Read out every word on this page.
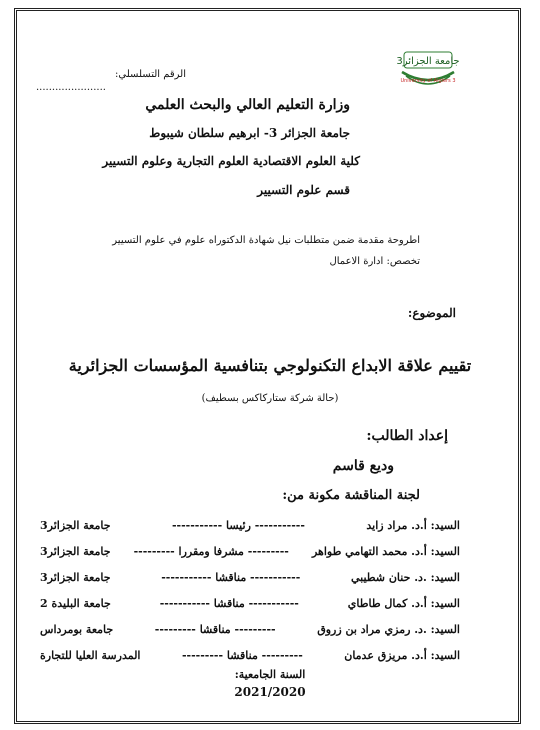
جامعة الجزائر3
University of Algiers 3
الرقم التسلسلي:
......................
وزارة التعليم العالي والبحث العلمي
جامعة الجزائر 3- ابرهيم سلطان شيبوط
كلية العلوم الاقتصادية العلوم التجارية وعلوم التسيير
قسم علوم التسيير
اطروحة مقدمة ضمن متطلبات نيل شهادة الدكتوراه علوم في علوم التسيير
تخصص: ادارة الاعمال
الموضوع:
تقييم علاقة الابداع التكنولوجي بتنافسية المؤسسات الجزائرية
(حالة شركة ستاركاكس بسطيف)
إعداد الطالب:
وديع قاسم
لجنة المناقشة مكونة من:
السيد: أ.د. مراد زايد
----------- رئيسا -----------
جامعة الجزائر3
السيد: أ.د. محمد التهامي طواهر
--------- مشرفا ومقررا ---------
جامعة الجزائر3
السيد: .د. حنان شطيبي
----------- مناقشا -----------
جامعة الجزائر3
السيد: أ.د. كمال طاطاي
----------- مناقشا -----------
جامعة البليدة 2
السيد: .د. رمزي مراد بن زروق
--------- مناقشا ---------
جامعة بومرداس
السيد: أ.د. مريزق عدمان
--------- مناقشا ---------
المدرسة العليا للتجارة
السنة الجامعية:
2021/2020
